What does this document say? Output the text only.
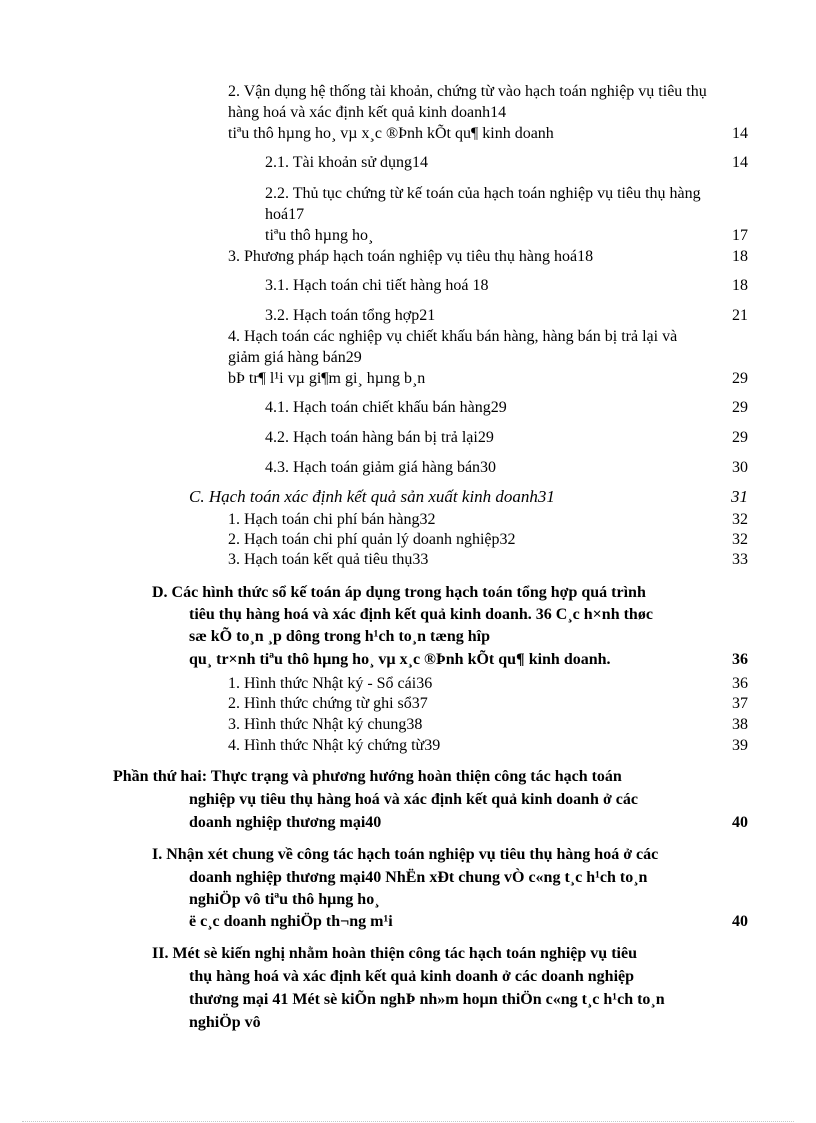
2. Vận dụng hệ thống tài khoản, chứng từ vào hạch toán nghiệp vụ tiêu thụ
hàng hoá và xác định kết quả kinh doanh14
tiªu thô hµng ho¸ vµ x¸c ®Þnh kÕt qu¶ kinh doanh	14
2.1. Tài khoản sử dụng14	14
2.2. Thủ tục chứng từ kế toán của hạch toán nghiệp vụ tiêu thụ hàng
hoá17
tiªu thô hµng ho¸	17
3. Phương pháp hạch toán nghiệp vụ tiêu thụ hàng hoá18	18
3.1. Hạch toán chi tiết hàng hoá 18	18
3.2. Hạch toán tổng hợp21	21
4. Hạch toán các nghiệp vụ chiết khấu bán hàng, hàng bán bị trả lại và
giảm giá hàng bán29
bÞ tr¶ l¹i vµ gi¶m gi¸ hµng b¸n	29
4.1. Hạch toán chiết khấu bán hàng29	29
4.2. Hạch toán hàng bán bị trả lại29	29
4.3. Hạch toán giảm giá hàng bán30	30
C. Hạch toán xác định kết quả sản xuất kinh doanh31	31
1. Hạch toán chi phí bán hàng32	32
2. Hạch toán chi phí quản lý doanh nghiệp32	32
3. Hạch toán kết quả tiêu thụ33	33
D. Các hình thức sổ kế toán áp dụng trong hạch toán tổng hợp quá trình
tiêu thụ hàng hoá và xác định kết quả kinh doanh. 36 C¸c h×nh thøc
sæ kÕ to¸n ¸p dông trong h¹ch to¸n tæng hîp
qu¸ tr×nh tiªu thô hµng ho¸ vµ x¸c ®Þnh kÕt qu¶ kinh doanh.	36
1. Hình thức Nhật ký - Sổ cái36	36
2. Hình thức chứng từ ghi sổ37	37
3. Hình thức Nhật ký chung38	38
4. Hình thức Nhật ký chứng từ39	39
Phần thứ hai: Thực trạng và phương hướng hoàn thiện công tác hạch toán
nghiệp vụ tiêu thụ hàng hoá và xác định kết quả kinh doanh ở các
doanh nghiệp thương mại40	40
I. Nhận xét chung về công tác hạch toán nghiệp vụ tiêu thụ hàng hoá ở các
doanh nghiệp thương mại40 NhËn xÐt chung vÒ c«ng t¸c h¹ch to¸n
nghiÖp vô tiªu thô hµng ho¸
ë c¸c doanh nghiÖp th¬ng m¹i	40
II. Mét sè kiến nghị nhằm hoàn thiện công tác hạch toán nghiệp vụ tiêu
thụ hàng hoá và xác định kết quả kinh doanh ở các doanh nghiệp
thương mại 41 Mét sè kiÕn nghÞ nh»m hoµn thiÖn c«ng t¸c h¹ch to¸n
nghiÖp vô
